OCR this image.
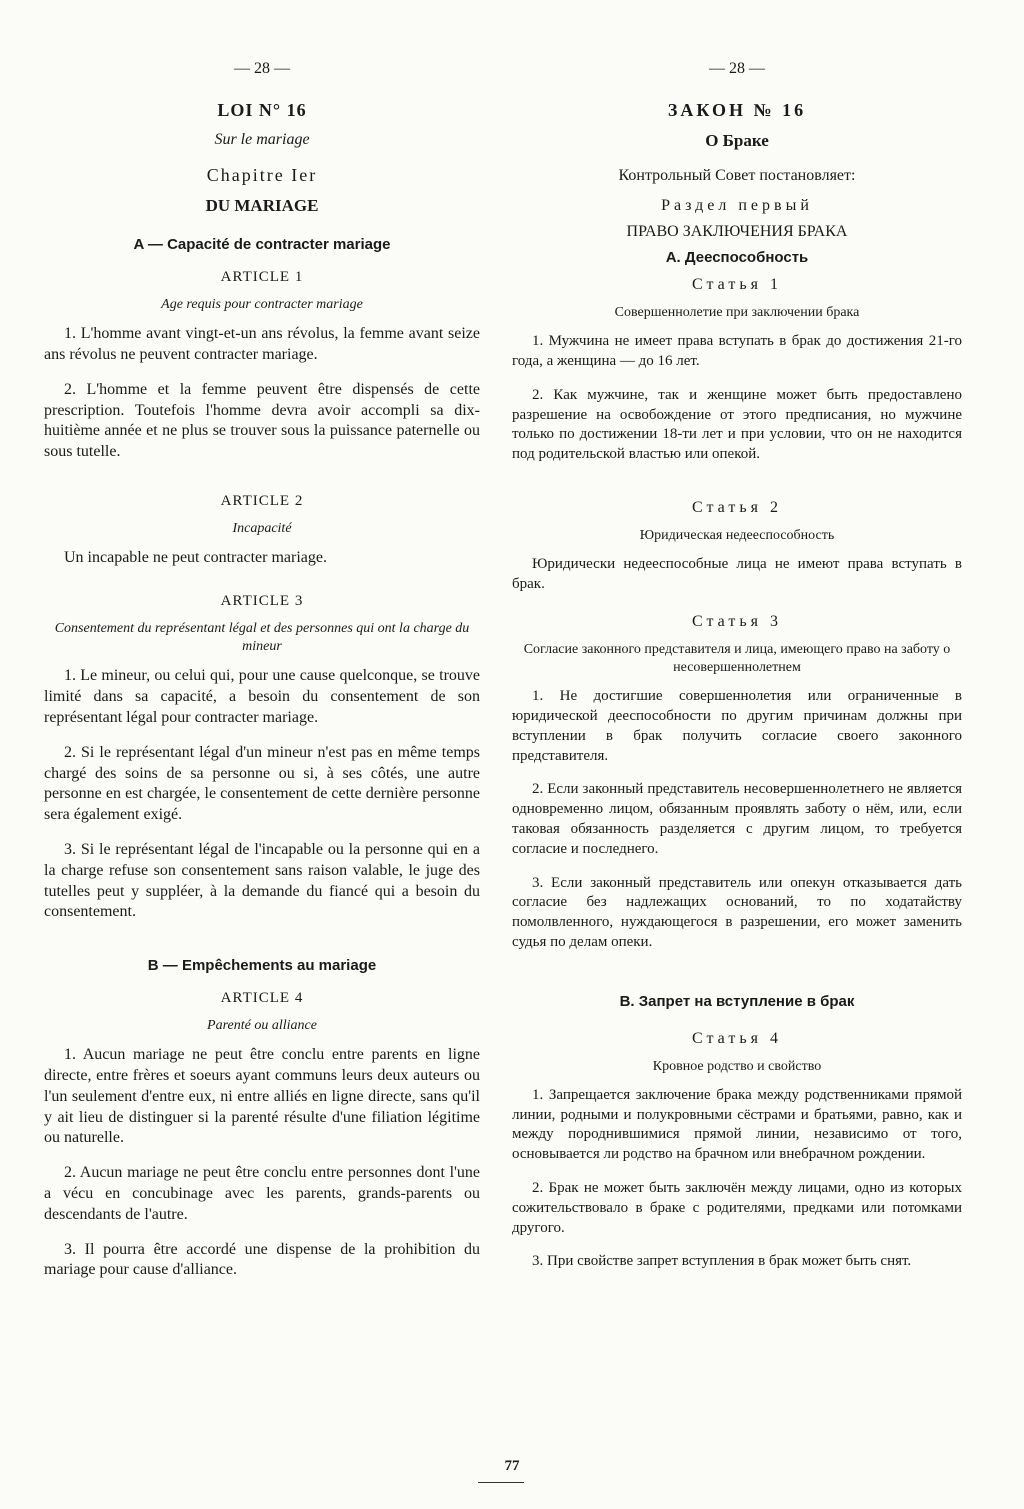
— 28 —
LOI N° 16
Sur le mariage
Chapitre Ier
DU MARIAGE
A — Capacité de contracter mariage
ARTICLE 1
Age requis pour contracter mariage

1. L'homme avant vingt-et-un ans révolus, la femme avant seize ans révolus ne peuvent contracter mariage.

2. L'homme et la femme peuvent être dispensés de cette prescription. Toutefois l'homme devra avoir accompli sa dix-huitième année et ne plus se trouver sous la puissance paternelle ou sous tutelle.

ARTICLE 2
Incapacité

Un incapable ne peut contracter mariage.

ARTICLE 3
Consentement du représentant légal et des personnes qui ont la charge du mineur

1. Le mineur, ou celui qui, pour une cause quelconque, se trouve limité dans sa capacité, a besoin du consentement de son représentant légal pour contracter mariage.

2. Si le représentant légal d'un mineur n'est pas en même temps chargé des soins de sa personne ou si, à ses côtés, une autre personne en est chargée, le consentement de cette dernière personne sera également exigé.

3. Si le représentant légal de l'incapable ou la personne qui en a la charge refuse son consentement sans raison valable, le juge des tutelles peut y suppléer, à la demande du fiancé qui a besoin du consentement.

B — Empêchements au mariage
ARTICLE 4
Parenté ou alliance

1. Aucun mariage ne peut être conclu entre parents en ligne directe, entre frères et soeurs ayant communs leurs deux auteurs ou l'un seulement d'entre eux, ni entre alliés en ligne directe, sans qu'il y ait lieu de distinguer si la parenté résulte d'une filiation légitime ou naturelle.

2. Aucun mariage ne peut être conclu entre personnes dont l'une a vécu en concubinage avec les parents, grands-parents ou descendants de l'autre.

3. Il pourra être accordé une dispense de la prohibition du mariage pour cause d'alliance.

— 28 —
ЗАКОН № 16
О Браке
Контрольный Совет постановляет:
Раздел первый
ПРАВО ЗАКЛЮЧЕНИЯ БРАКА
А. Дееспособность
Статья 1
Совершеннолетие при заключении брака

1. Мужчина не имеет права вступать в брак до достижения 21-го года, а женщина — до 16 лет.

2. Как мужчине, так и женщине может быть предоставлено разрешение на освобождение от этого предписания, но мужчине только по достижении 18-ти лет и при условии, что он не находится под родительской властью или опекой.

Статья 2
Юридическая недееспособность

Юридически недееспособные лица не имеют права вступать в брак.

Статья 3
Согласие законного представителя и лица, имеющего право на заботу о несовершеннолетнем

1. Не достигшие совершеннолетия или ограниченные в юридической дееспособности по другим причинам должны при вступлении в брак получить согласие своего законного представителя.

2. Если законный представитель несовершеннолетнего не является одновременно лицом, обязанным проявлять заботу о нём, или, если таковая обязанность разделяется с другим лицом, то требуется согласие и последнего.

3. Если законный представитель или опекун отказывается дать согласие без надлежащих оснований, то по ходатайству помолвленного, нуждающегося в разрешении, его может заменить судья по делам опеки.

В. Запрет на вступление в брак
Статья 4
Кровное родство и свойство

1. Запрещается заключение брака между родственниками прямой линии, родными и полукровными сёстрами и братьями, равно, как и между породнившимися прямой линии, независимо от того, основывается ли родство на брачном или внебрачном рождении.

2. Брак не может быть заключён между лицами, одно из которых сожительствовало в браке с родителями, предками или потомками другого.

3. При свойстве запрет вступления в брак может быть снят.

77
